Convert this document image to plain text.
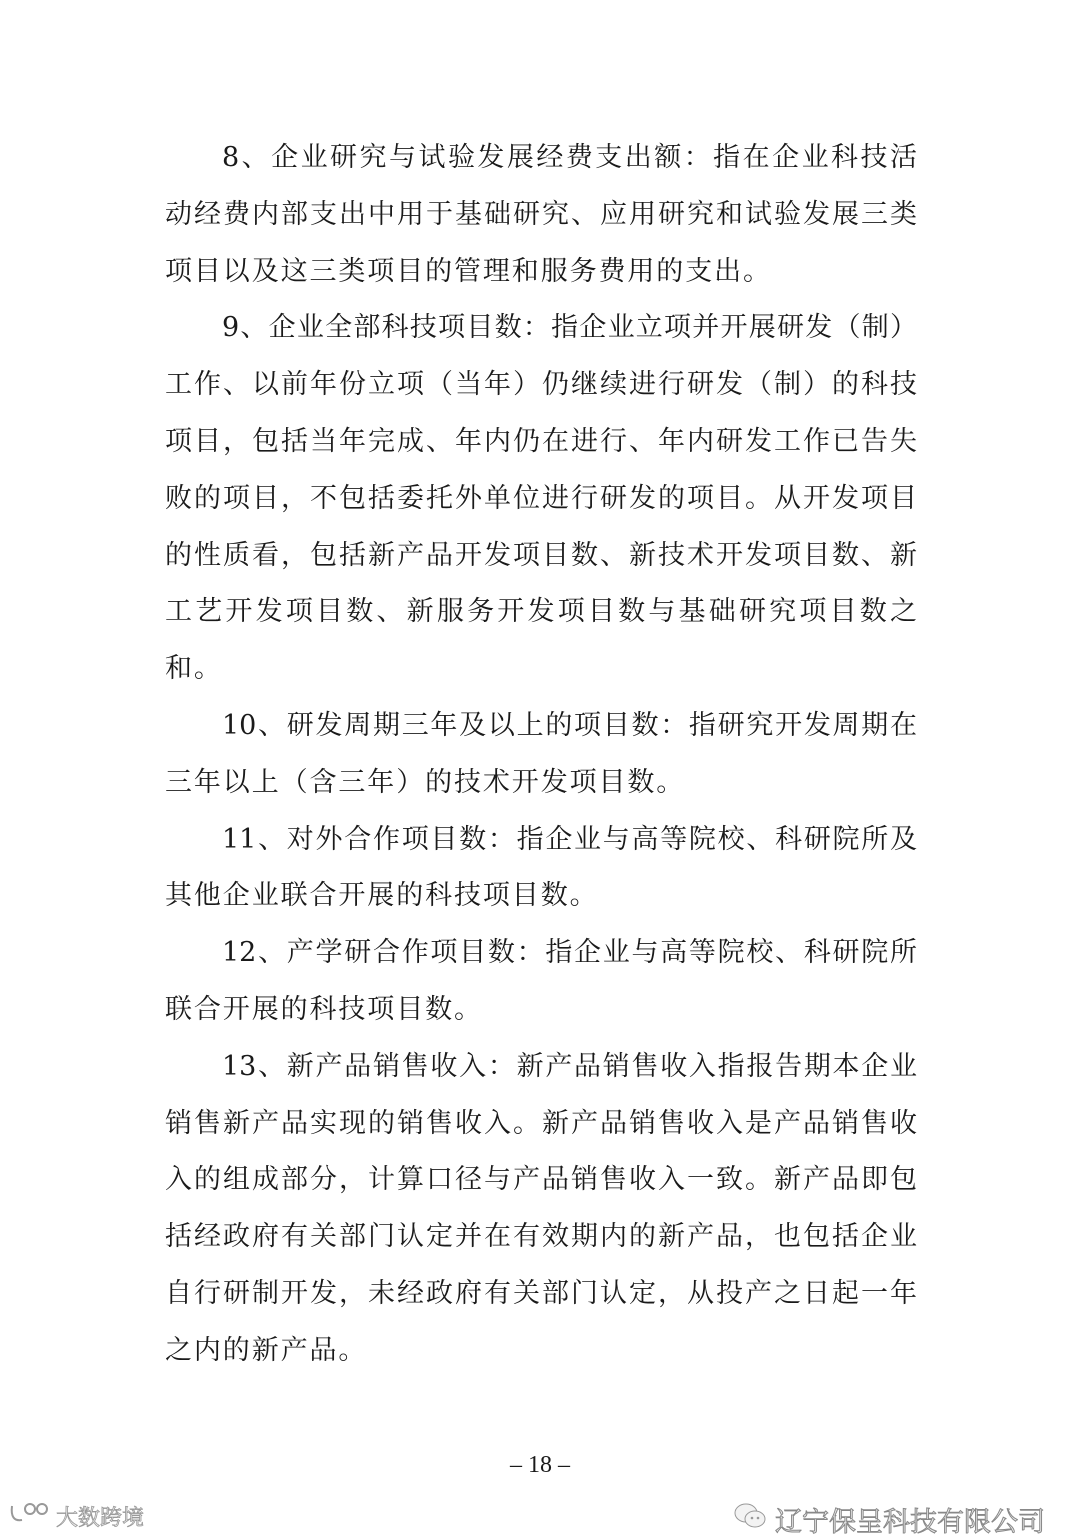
8、企业研究与试验发展经费支出额：指在企业科技活
动经费内部支出中用于基础研究、应用研究和试验发展三类
项目以及这三类项目的管理和服务费用的支出。
9、企业全部科技项目数：指企业立项并开展研发（制）
工作、以前年份立项（当年）仍继续进行研发（制）的科技
项目，包括当年完成、年内仍在进行、年内研发工作已告失
败的项目，不包括委托外单位进行研发的项目。从开发项目
的性质看，包括新产品开发项目数、新技术开发项目数、新
工艺开发项目数、新服务开发项目数与基础研究项目数之
和。
10、研发周期三年及以上的项目数：指研究开发周期在
三年以上（含三年）的技术开发项目数。
11、对外合作项目数：指企业与高等院校、科研院所及
其他企业联合开展的科技项目数。
12、产学研合作项目数：指企业与高等院校、科研院所
联合开展的科技项目数。
13、新产品销售收入：新产品销售收入指报告期本企业
销售新产品实现的销售收入。新产品销售收入是产品销售收
入的组成部分，计算口径与产品销售收入一致。新产品即包
括经政府有关部门认定并在有效期内的新产品，也包括企业
自行研制开发，未经政府有关部门认定，从投产之日起一年
之内的新产品。
– 18 –
辽宁保呈科技有限公司
大数跨境
